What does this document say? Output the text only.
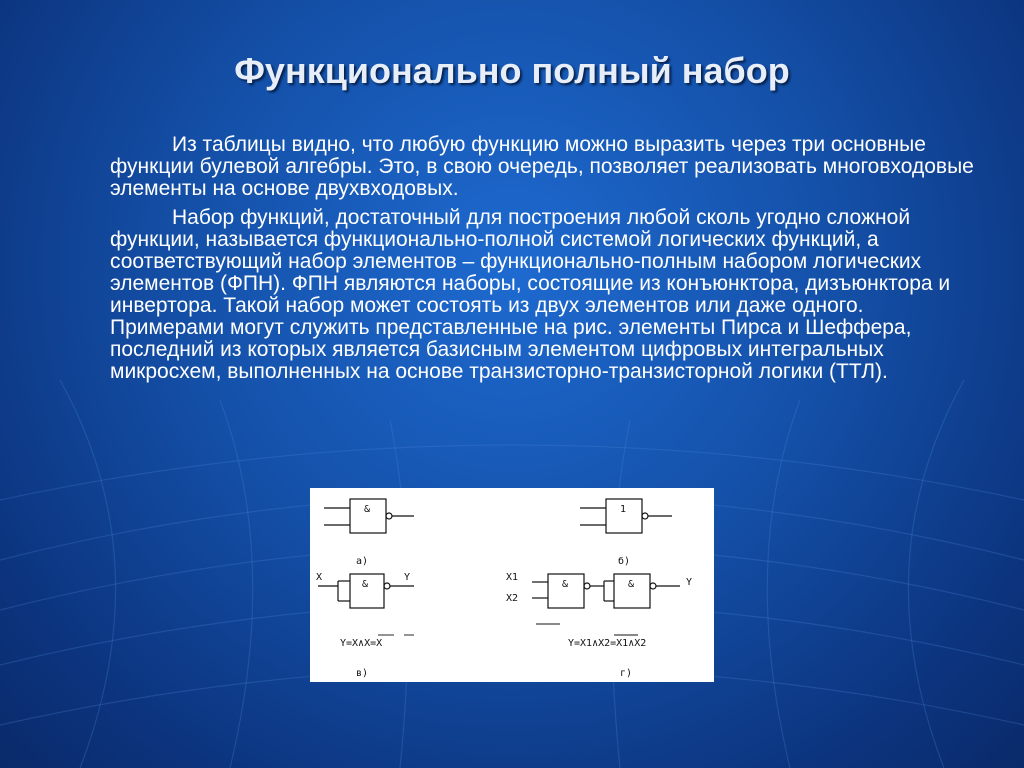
Функционально полный набор

Из таблицы видно, что любую функцию можно выразить через три основные функции булевой алгебры. Это, в свою очередь, позволяет реализовать многовходовые элементы на основе двухвходовых.

Набор функций, достаточный для построения любой сколь угодно сложной функции, называется функционально-полной системой логических функций, а соответствующий набор элементов – функционально-полным набором логических элементов (ФПН). ФПН являются наборы, состоящие из конъюнктора, дизъюнктора и инвертора. Такой набор может состоять из двух элементов или даже одного. Примерами могут служить представленные на рис. элементы Пирса и Шеффера, последний из которых является базисным элементом цифровых интегральных микросхем, выполненных на основе транзисторно-транзисторной логики (ТТЛ).

&
а)
1
б)
&
X	Y
Y=X∧X=X
в)
&	&
X1
X2
Y
Y=X1∧X2=X1∧X2
г)
